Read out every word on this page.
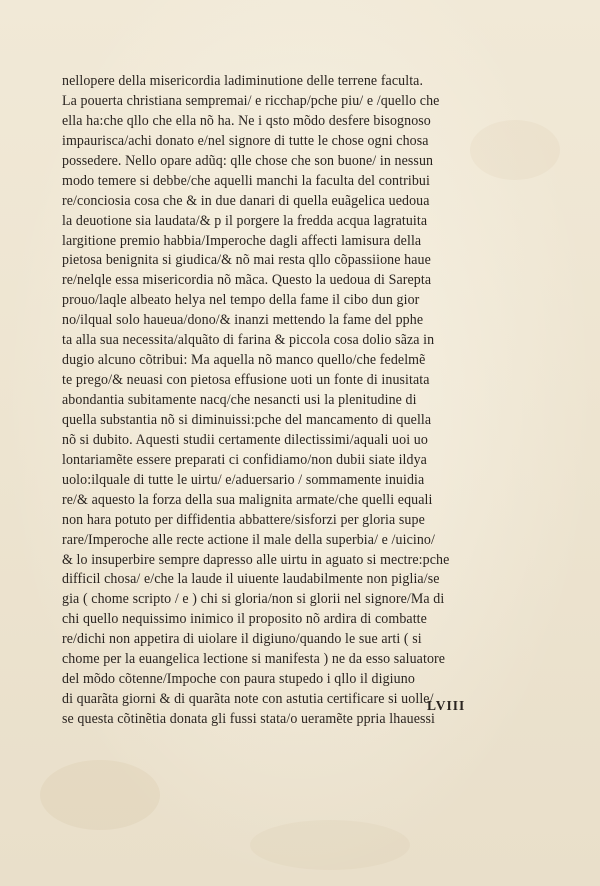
nellopere della misericordia ladiminutione delle terrene faculta.
La pouerta christiana sempremai/ e ricchap/pche piu/ e /quello che
ella ha:che qllo che ella nõ ha. Ne i qsto mõdo desfere bisognoso
impaurisca/achi donato e/nel signore di tutte le chose ogni chosa
possedere. Nello opare adũq: qlle chose che son buone/ in nessun
modo temere si debbe/che aquelli manchi la faculta del contribui
re/conciosia cosa che & in due danari di quella euãgelica uedoua
la deuotione sia laudata/& p il porgere la fredda acqua lagratuita
largitione premio habbia/Imperoche dagli affecti lamisura della
pietosa benignita si giudica/& nõ mai resta qllo cõpassiione haue
re/nelqle essa misericordia nõ mãca. Questo la uedoua di Sarepta
prouo/laqle albeato helya nel tempo della fame il cibo dun gior
no/ilqual solo haueua/dono/& inanzi mettendo la fame del pphe
ta alla sua necessita/alquãto di farina & piccola cosa dolio sãza in
dugio alcuno cõtribui: Ma aquella nõ manco quello/che fedelmẽ
te prego/& neuasi con pietosa effusione uoti un fonte di inusitata
abondantia subitamente nacq/che nesancti usi la plenitudine di
quella substantia nõ si diminuissi:pche del mancamento di quella
nõ si dubito. Aquesti studii certamente dilectissimi/aquali uoi uo
lontariamẽte essere preparati ci confidiamo/non dubii siate ildya
uolo:ilquale di tutte le uirtu/ e/aduersario / sommamente inuidia
re/& aquesto la forza della sua malignita armate/che quelli equali
non hara potuto per diffidentia abbattere/sisforzi per gloria supe
rare/Imperoche alle recte actione il male della superbia/ e /uicino/
& lo insuperbire sempre dapresso alle uirtu in aguato si mectre:pche
difficil chosa/ e/che la laude il uiuente laudabilmente non piglia/se
gia ( chome scripto / e ) chi si gloria/non si glorii nel signore/Ma di
chi quello nequissimo inimico il proposito nõ ardira di combatte
re/dichi non appetira di uiolare il digiuno/quando le sue arti ( si
chome per la euangelica lectione si manifesta ) ne da esso saluatore
del mõdo cõtenne/Impoche con paura stupedo i qllo il digiuno
di quarãta giorni & di quarãta note con astutia certificare si uolle/
se questa cõtinẽtia donata gli fussi stata/o ueramẽte ppria lhauessi
LVIII
